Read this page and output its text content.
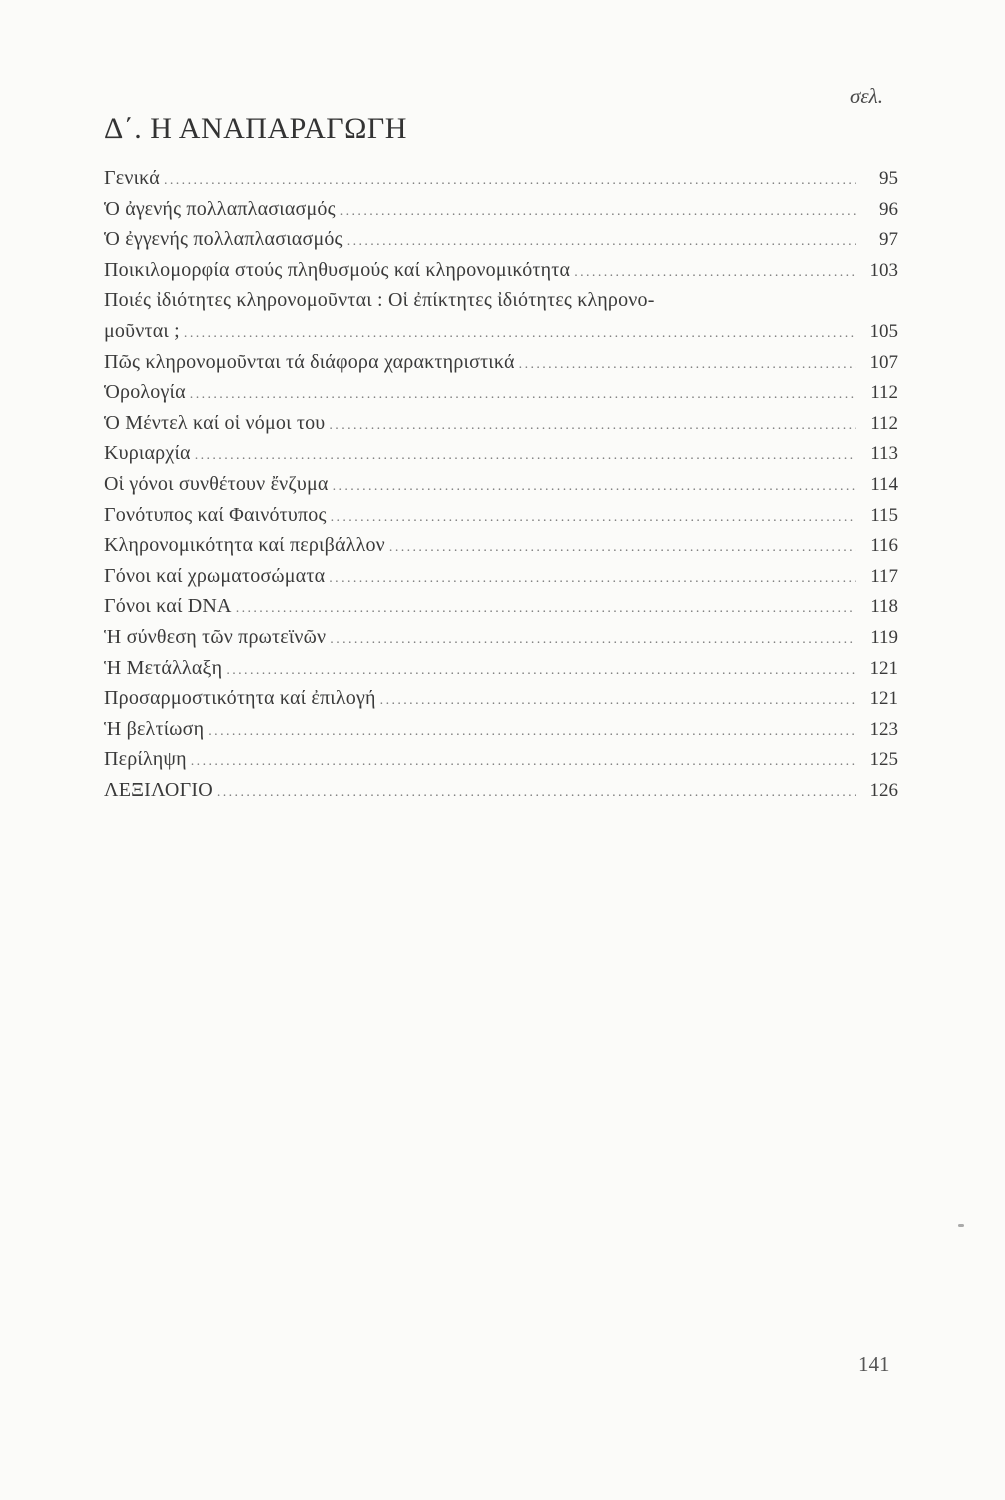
σελ.
Δ΄. Η ΑΝΑΠΑΡΑΓΩΓΗ
Γενικά .....	95
Ὁ ἀγενής πολλαπλασιασμός .....	96
Ὁ ἐγγενής πολλαπλασιασμός .....	97
Ποικιλομορφία στούς πληθυσμούς καί κληρονομικότητα .....	103
Ποιές ἰδιότητες κληρονομοῦνται : Οἱ ἐπίκτητες ἰδιότητες κληρονο-
μοῦνται ; .....	105
Πῶς κληρονομοῦνται τά διάφορα χαρακτηριστικά .....	107
Ὁρολογία .....	112
Ὁ Μέντελ καί οἱ νόμοι του .....	112
Κυριαρχία .....	113
Οἱ γόνοι συνθέτουν ἔνζυμα .....	114
Γονότυπος καί Φαινότυπος .....	115
Κληρονομικότητα καί περιβάλλον .....	116
Γόνοι καί χρωματοσώματα .....	117
Γόνοι καί DNA .....	118
Ἡ σύνθεση τῶν πρωτεϊνῶν .....	119
Ἡ Μετάλλαξη .....	121
Προσαρμοστικότητα καί ἐπιλογή .....	121
Ἡ βελτίωση .....	123
Περίληψη .....	125
ΛΕΞΙΛΟΓΙΟ .....	126
141
